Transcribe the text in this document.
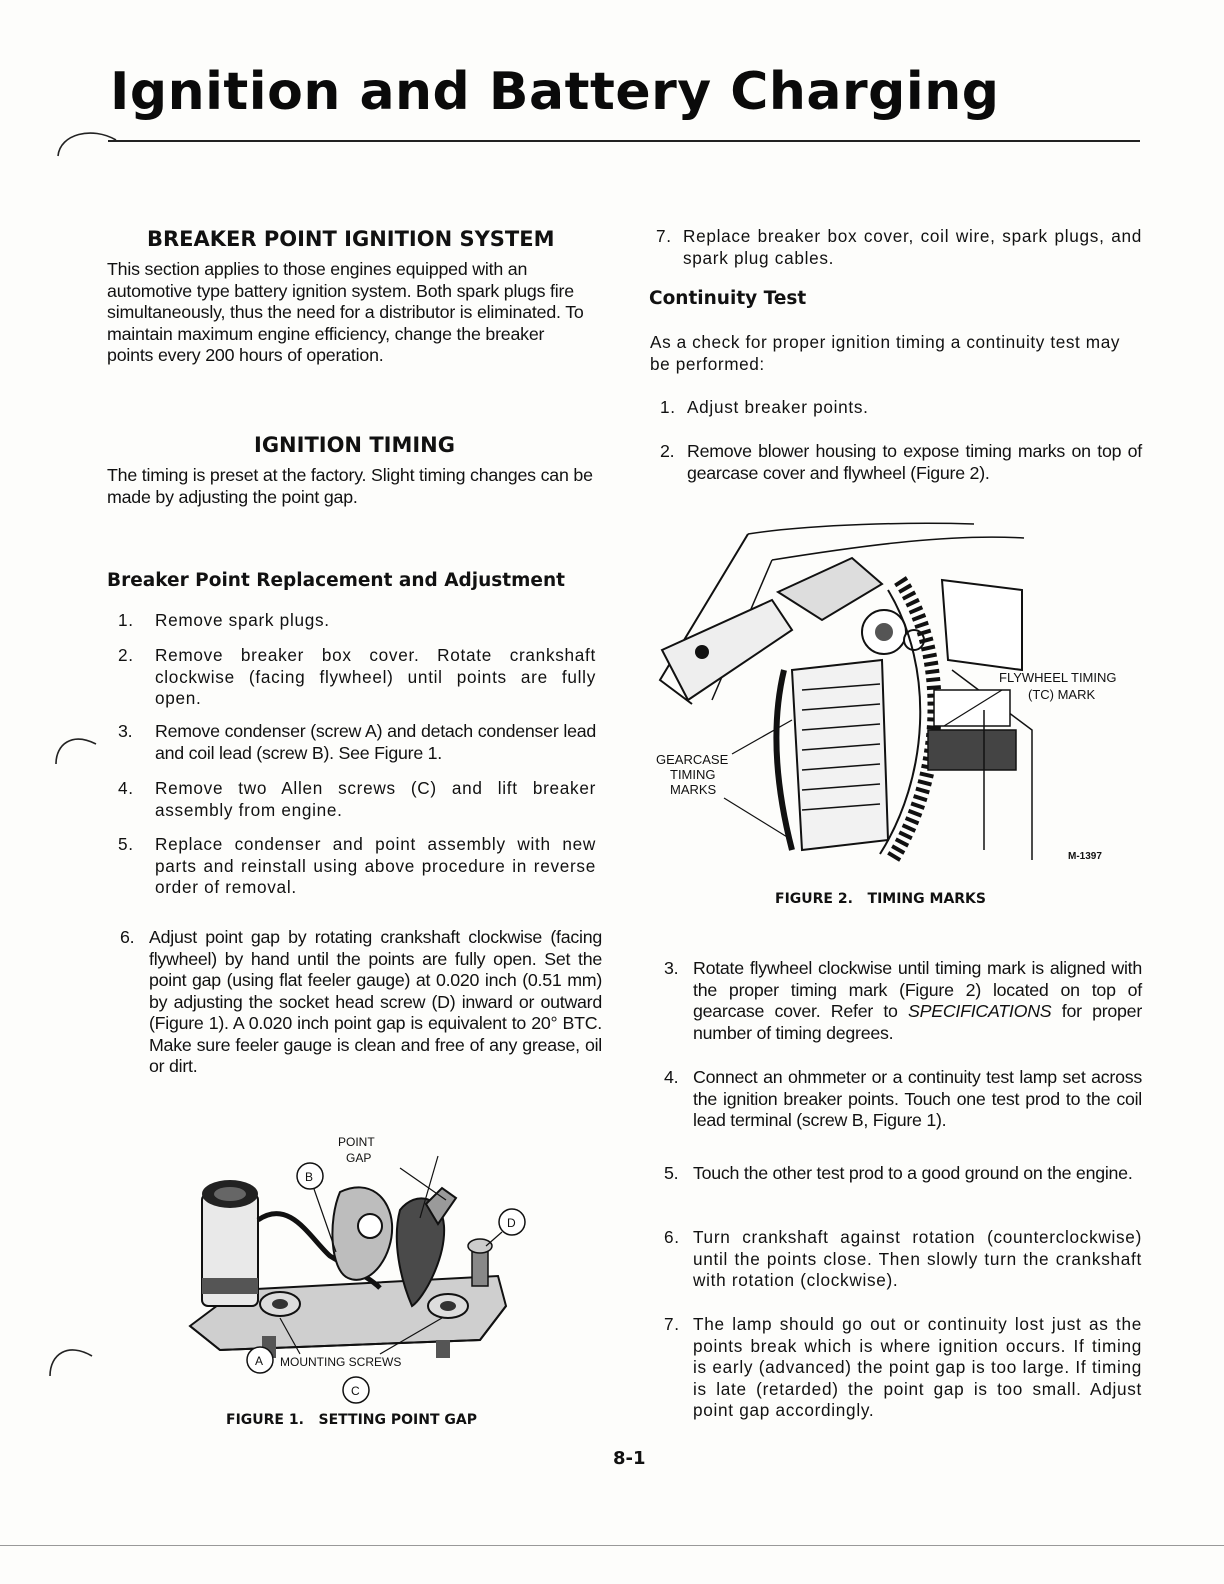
Ignition and Battery Charging
BREAKER POINT IGNITION SYSTEM

This section applies to those engines equipped with an automotive type battery ignition system. Both spark plugs fire simultaneously, thus the need for a distributor is eliminated. To maintain maximum engine efficiency, change the breaker points every 200 hours of operation.

IGNITION TIMING

The timing is preset at the factory. Slight timing changes can be made by adjusting the point gap.

Breaker Point Replacement and Adjustment
1. Remove spark plugs.
2. Remove breaker box cover. Rotate crankshaft clockwise (facing flywheel) until points are fully open.
3. Remove condenser (screw A) and detach condenser lead and coil lead (screw B). See Figure 1.
4. Remove two Allen screws (C) and lift breaker assembly from engine.
5. Replace condenser and point assembly with new parts and reinstall using above procedure in reverse order of removal.
6. Adjust point gap by rotating crankshaft clockwise (facing flywheel) by hand until the points are fully open. Set the point gap (using flat feeler gauge) at 0.020 inch (0.51 mm) by adjusting the socket head screw (D) inward or outward (Figure 1). A 0.020 inch point gap is equivalent to 20° BTC. Make sure feeler gauge is clean and free of any grease, oil or dirt.
POINT
GAP
B
D
A MOUNTING SCREWS
C

FIGURE 1.   SETTING POINT GAP

7. Replace breaker box cover, coil wire, spark plugs, and spark plug cables.
Continuity Test

As a check for proper ignition timing a continuity test may be performed:

1. Adjust breaker points.
2. Remove blower housing to expose timing marks on top of gearcase cover and flywheel (Figure 2).
FLYWHEEL TIMING
(TC) MARK
GEARCASE
TIMING
MARKS
M-1397

FIGURE 2.   TIMING MARKS

3. Rotate flywheel clockwise until timing mark is aligned with the proper timing mark (Figure 2) located on top of gearcase cover. Refer to SPECIFICATIONS for proper number of timing degrees.
4. Connect an ohmmeter or a continuity test lamp set across the ignition breaker points. Touch one test prod to the coil lead terminal (screw B, Figure 1).
5. Touch the other test prod to a good ground on the engine.
6. Turn crankshaft against rotation (counterclockwise) until the points close. Then slowly turn the crankshaft with rotation (clockwise).
7. The lamp should go out or continuity lost just as the points break which is where ignition occurs. If timing is early (advanced) the point gap is too large. If timing is late (retarded) the point gap is too small. Adjust point gap accordingly.
8-1
